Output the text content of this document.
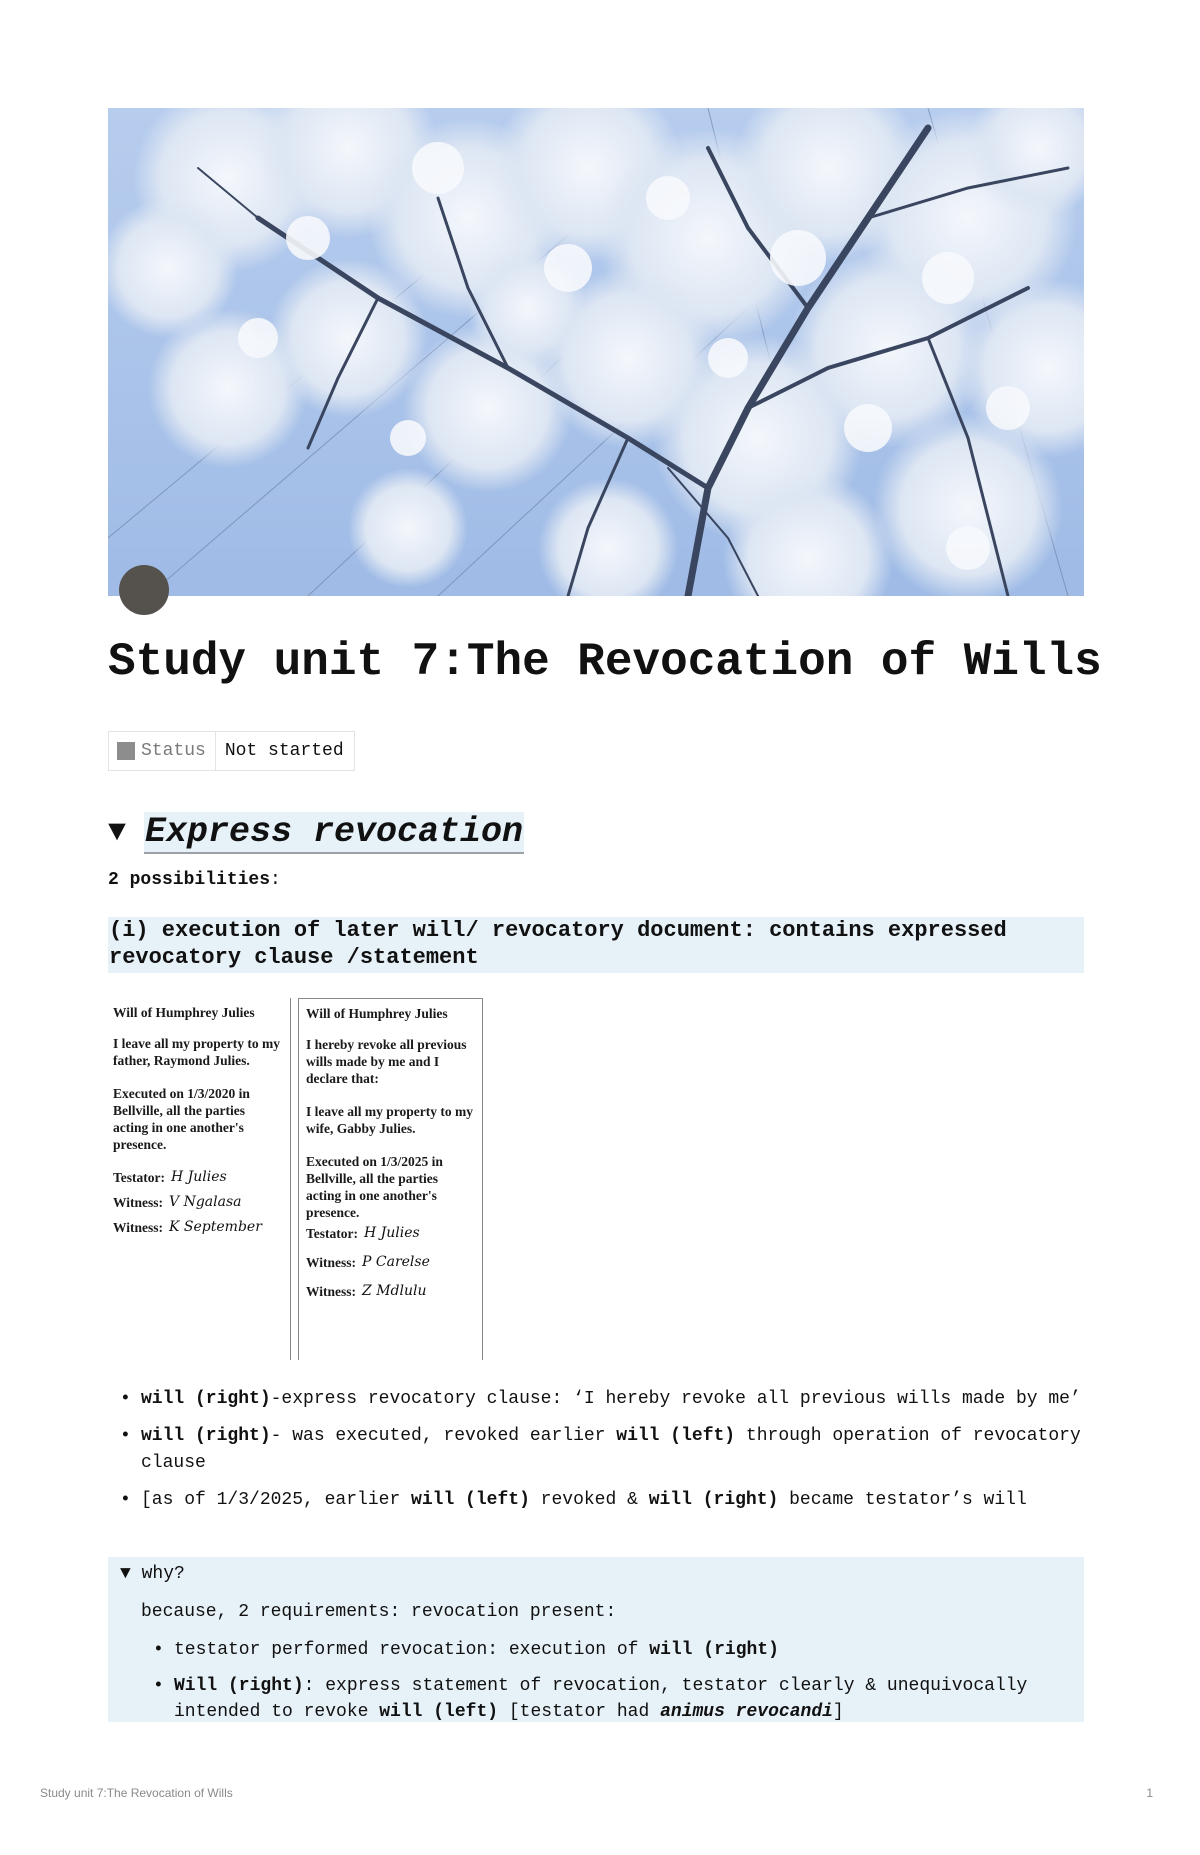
Study unit 7:The Revocation of Wills
Status	Not started
▼ Express revocation
2 possibilities:
(i) execution of later will/ revocatory document: contains expressed revocatory clause /statement

Will of Humphrey Julies

I leave all my property to my father, Raymond Julies.

Executed on 1/3/2020 in Bellville, all the parties acting in one another's presence.

Testator: H Julies
Witness: V Ngalasa
Witness: K September

Will of Humphrey Julies

I hereby revoke all previous wills made by me and I declare that:

I leave all my property to my wife, Gabby Julies.

Executed on 1/3/2025 in Bellville, all the parties acting in one another's presence.

Testator: H Julies
Witness: P Carelse
Witness: Z Mdlulu
• will (right)-express revocatory clause: ‘I hereby revoke all previous wills made by me’
• will (right)- was executed, revoked earlier will (left) through operation of revocatory clause
• [as of 1/3/2025, earlier will (left) revoked & will (right) became testator’s will
▼ why?
because, 2 requirements: revocation present:
• testator performed revocation: execution of will (right)
• Will (right): express statement of revocation, testator clearly & unequivocally intended to revoke will (left) [testator had animus revocandi]
Study unit 7:The Revocation of Wills	1
